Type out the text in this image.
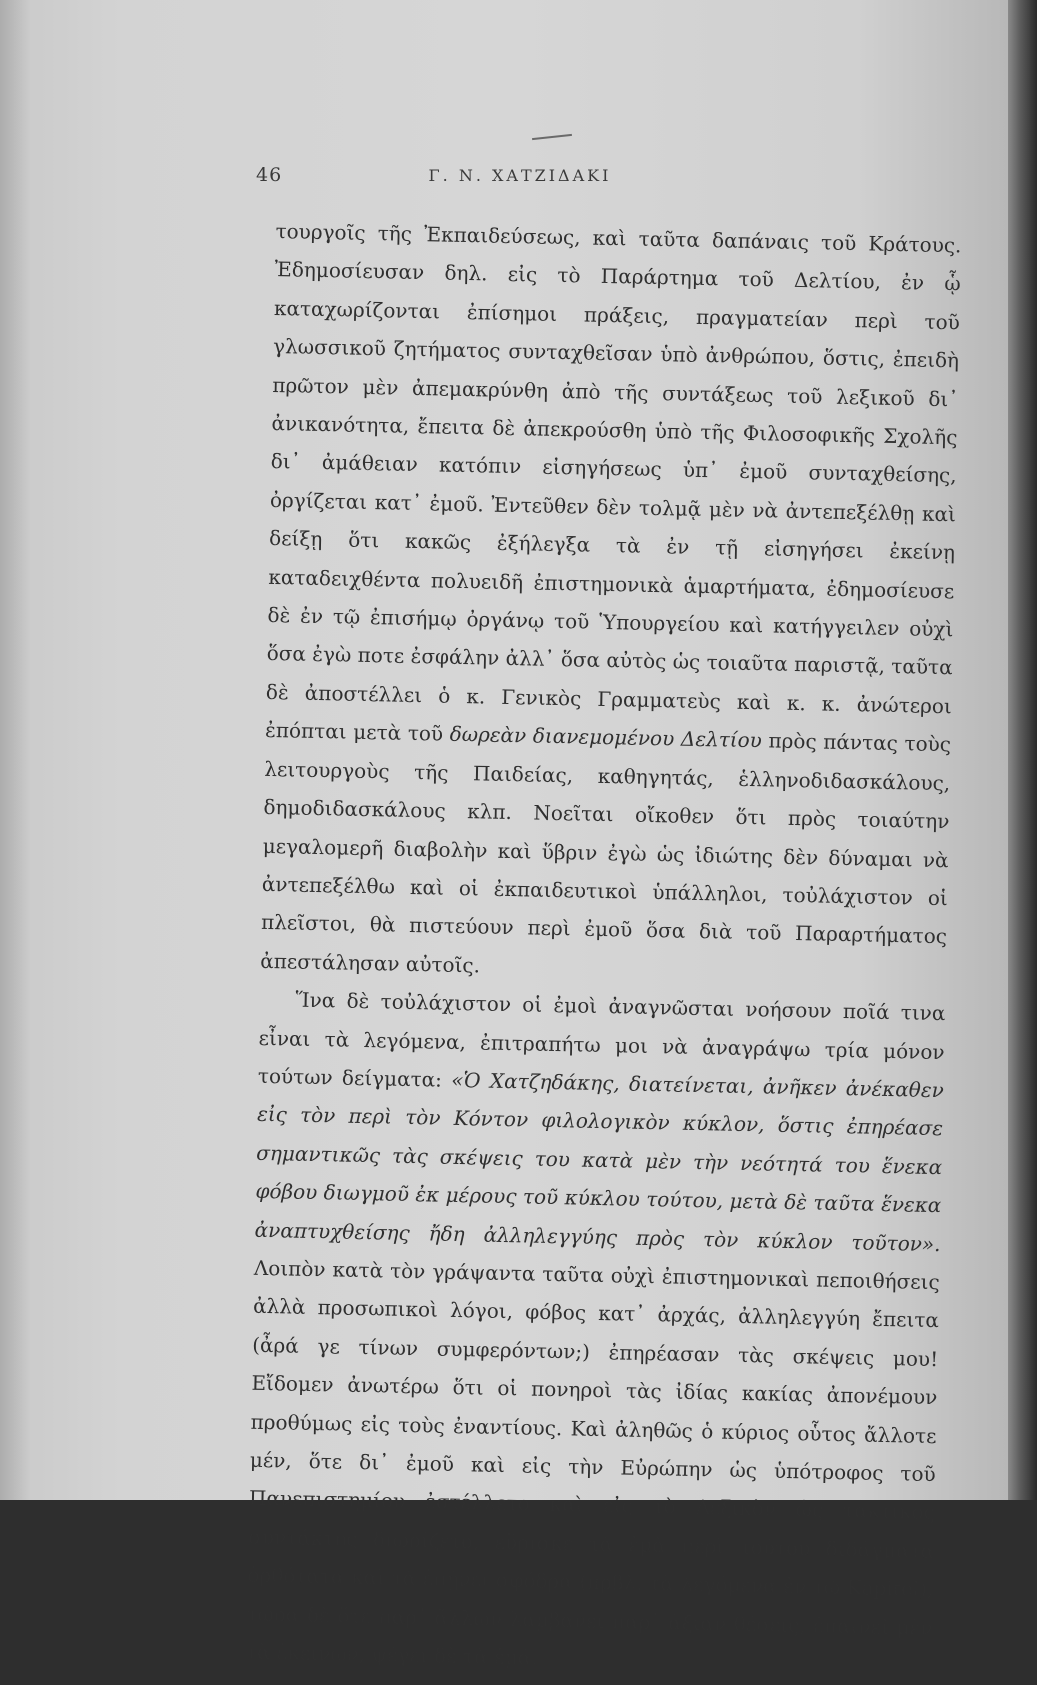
46	Γ. Ν. ΧΑΤΖΙΔΑΚΙ

τουργοῖς τῆς Ἐκπαιδεύσεως, καὶ ταῦτα δαπάναις τοῦ Κράτους. Ἐδημοσίευσαν δηλ. εἰς τὸ Παράρτημα τοῦ Δελτίου, ἐν ᾧ καταχωρίζονται ἐπίσημοι πράξεις, πραγματείαν περὶ τοῦ γλωσσικοῦ ζητήματος συνταχθεῖσαν ὑπὸ ἀνθρώπου, ὅστις, ἐπειδὴ πρῶτον μὲν ἀπεμακρύνθη ἀπὸ τῆς συντάξεως τοῦ λεξικοῦ δι᾿ ἀνικανότητα, ἔπειτα δὲ ἀπεκρούσθη ὑπὸ τῆς Φιλοσοφικῆς Σχολῆς δι᾿ ἀμάθειαν κατόπιν εἰσηγήσεως ὑπ᾿ ἐμοῦ συνταχθείσης, ὀργίζεται κατ᾿ ἐμοῦ. Ἐντεῦθεν δὲν τολμᾷ μὲν νὰ ἀντεπεξέλθῃ καὶ δείξῃ ὅτι κακῶς ἐξήλεγξα τὰ ἐν τῇ εἰσηγήσει ἐκείνῃ καταδειχθέντα πολυειδῆ ἐπιστημονικὰ ἁμαρτήματα, ἐδημοσίευσε δὲ ἐν τῷ ἐπισήμῳ ὀργάνῳ τοῦ Ὑπουργείου καὶ κατήγγειλεν οὐχὶ ὅσα ἐγὼ ποτε ἐσφάλην ἀλλ᾿ ὅσα αὐτὸς ὡς τοιαῦτα παριστᾷ, ταῦτα δὲ ἀποστέλλει ὁ κ. Γενικὸς Γραμματεὺς καὶ κ. κ. ἀνώτεροι ἐπόπται μετὰ τοῦ δωρεὰν διανεμομένου Δελτίου πρὸς πάντας τοὺς λειτουργοὺς τῆς Παιδείας, καθηγητάς, ἑλληνοδιδασκάλους, δημοδιδασκάλους κλπ. Νοεῖται οἴκοθεν ὅτι πρὸς τοιαύτην μεγαλομερῆ διαβολὴν καὶ ὕβριν ἐγὼ ὡς ἰδιώτης δὲν δύναμαι νὰ ἀντεπεξέλθω καὶ οἱ ἐκπαιδευτικοὶ ὑπάλληλοι, τοὐλάχιστον οἱ πλεῖστοι, θὰ πιστεύουν περὶ ἐμοῦ ὅσα διὰ τοῦ Παραρτήματος ἀπεστάλησαν αὐτοῖς.

Ἵνα δὲ τοὐλάχιστον οἱ ἐμοὶ ἀναγνῶσται νοήσουν ποῖά τινα εἶναι τὰ λεγόμενα, ἐπιτραπήτω μοι νὰ ἀναγράψω τρία μόνον τούτων δείγματα: «Ὁ Χατζηδάκης, διατείνεται, ἀνῆκεν ἀνέκαθεν εἰς τὸν περὶ τὸν Κόντον φιλολογικὸν κύκλον, ὅστις ἐπηρέασε σημαντικῶς τὰς σκέψεις του κατὰ μὲν τὴν νεότητά του ἕνεκα φόβου διωγμοῦ ἐκ μέρους τοῦ κύκλου τούτου, μετὰ δὲ ταῦτα ἕνεκα ἀναπτυχθείσης ἤδη ἀλληλεγγύης πρὸς τὸν κύκλον τοῦτον». Λοιπὸν κατὰ τὸν γράψαντα ταῦτα οὐχὶ ἐπιστημονικαὶ πεποιθήσεις ἀλλὰ προσωπικοὶ λόγοι, φόβος κατ᾿ ἀρχάς, ἀλληλεγγύη ἔπειτα (ἆρά γε τίνων συμφερόντων;) ἐπηρέασαν τὰς σκέψεις μου! Εἴδομεν ἀνωτέρω ὅτι οἱ πονηροὶ τὰς ἰδίας κακίας ἀπονέμουν προθύμως εἰς τοὺς ἐναντίους. Καὶ ἀληθῶς ὁ κύριος οὗτος ἄλλοτε μέν, ὅτε δι᾿ ἐμοῦ καὶ εἰς τὴν Εὐρώπην ὡς ὑπότροφος τοῦ Πανεπιστημίου ἐστέλλετο καὶ εἰς τὸ Λεξικὸν ὡς τακτικὸς συντάκτης διωρίζετο, εὕρισκε τὰ ἐμὰ περὶ τούτου διδάγματα ὀρθότατα καὶ τὰ ἐπῄνει σφόδρα (πρβλ. τὰ λεγόμενα ἐν τῷ Kapitel), τώρα δὲ ὅτε παρ᾿ ἄλλων λαμβάνει παρ᾿ ἀξίαν θέσεις, ἐπαινεῖ μὲν τὰ ἐκείνων, ψέγει δὲ τὰ ἐμά.
